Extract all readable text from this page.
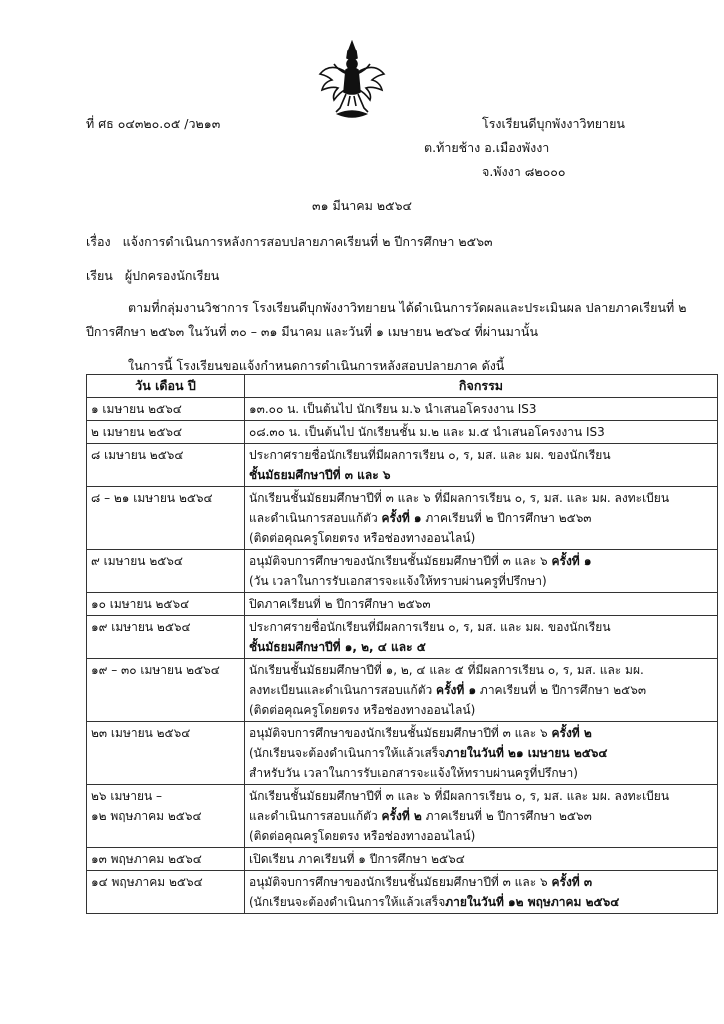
ที่ ศธ ๐๔๓๒๐.๐๕ /ว๒๑๓	โรงเรียนดีบุกพังงาวิทยายน
ต.ท้ายช้าง อ.เมืองพังงา
จ.พังงา ๘๒๐๐๐
๓๑ มีนาคม ๒๕๖๔
เรื่อง แจ้งการดำเนินการหลังการสอบปลายภาคเรียนที่ ๒ ปีการศึกษา ๒๕๖๓
เรียน ผู้ปกครองนักเรียน
ตามที่กลุ่มงานวิชาการ โรงเรียนดีบุกพังงาวิทยายน ได้ดำเนินการวัดผลและประเมินผล ปลายภาคเรียนที่ ๒
ปีการศึกษา ๒๕๖๓ ในวันที่ ๓๐ – ๓๑ มีนาคม และวันที่ ๑ เมษายน ๒๕๖๔ ที่ผ่านมานั้น
ในการนี้ โรงเรียนขอแจ้งกำหนดการดำเนินการหลังสอบปลายภาค ดังนี้
วัน เดือน ปี	กิจกรรม

๑ เมษายน ๒๕๖๔	๑๓.๐๐ น. เป็นต้นไป นักเรียน ม.๖ นำเสนอโครงงาน IS3

๒ เมษายน ๒๕๖๔	๐๘.๓๐ น. เป็นต้นไป นักเรียนชั้น ม.๒ และ ม.๕ นำเสนอโครงงาน IS3

๘ เมษายน ๒๕๖๔	ประกาศรายชื่อนักเรียนที่มีผลการเรียน ๐, ร, มส. และ มผ. ของนักเรียน
ชั้นมัธยมศึกษาปีที่ ๓ และ ๖

๘ – ๒๑ เมษายน ๒๕๖๔	นักเรียนชั้นมัธยมศึกษาปีที่ ๓ และ ๖ ที่มีผลการเรียน ๐, ร, มส. และ มผ. ลงทะเบียน
และดำเนินการสอบแก้ตัว ครั้งที่ ๑ ภาคเรียนที่ ๒ ปีการศึกษา ๒๕๖๓
(ติดต่อคุณครูโดยตรง หรือช่องทางออนไลน์)

๙ เมษายน ๒๕๖๔	อนุมัติจบการศึกษาของนักเรียนชั้นมัธยมศึกษาปีที่ ๓ และ ๖ ครั้งที่ ๑
(วัน เวลาในการรับเอกสารจะแจ้งให้ทราบผ่านครูที่ปรึกษา)

๑๐ เมษายน ๒๕๖๔	ปิดภาคเรียนที่ ๒ ปีการศึกษา ๒๕๖๓

๑๙ เมษายน ๒๕๖๔	ประกาศรายชื่อนักเรียนที่มีผลการเรียน ๐, ร, มส. และ มผ. ของนักเรียน
ชั้นมัธยมศึกษาปีที่ ๑, ๒, ๔ และ ๕

๑๙ – ๓๐ เมษายน ๒๕๖๔	นักเรียนชั้นมัธยมศึกษาปีที่ ๑, ๒, ๔ และ ๕ ที่มีผลการเรียน ๐, ร, มส. และ มผ.
ลงทะเบียนและดำเนินการสอบแก้ตัว ครั้งที่ ๑ ภาคเรียนที่ ๒ ปีการศึกษา ๒๕๖๓
(ติดต่อคุณครูโดยตรง หรือช่องทางออนไลน์)

๒๓ เมษายน ๒๕๖๔	อนุมัติจบการศึกษาของนักเรียนชั้นมัธยมศึกษาปีที่ ๓ และ ๖ ครั้งที่ ๒
(นักเรียนจะต้องดำเนินการให้แล้วเสร็จภายในวันที่ ๒๑ เมษายน ๒๕๖๔
สำหรับวัน เวลาในการรับเอกสารจะแจ้งให้ทราบผ่านครูที่ปรึกษา)

๒๖ เมษายน –
๑๒ พฤษภาคม ๒๕๖๔	นักเรียนชั้นมัธยมศึกษาปีที่ ๓ และ ๖ ที่มีผลการเรียน ๐, ร, มส. และ มผ. ลงทะเบียน
และดำเนินการสอบแก้ตัว ครั้งที่ ๒ ภาคเรียนที่ ๒ ปีการศึกษา ๒๕๖๓
(ติดต่อคุณครูโดยตรง หรือช่องทางออนไลน์)

๑๓ พฤษภาคม ๒๕๖๔	เปิดเรียน ภาคเรียนที่ ๑ ปีการศึกษา ๒๕๖๔

๑๔ พฤษภาคม ๒๕๖๔	อนุมัติจบการศึกษาของนักเรียนชั้นมัธยมศึกษาปีที่ ๓ และ ๖ ครั้งที่ ๓
(นักเรียนจะต้องดำเนินการให้แล้วเสร็จภายในวันที่ ๑๒ พฤษภาคม ๒๕๖๔
